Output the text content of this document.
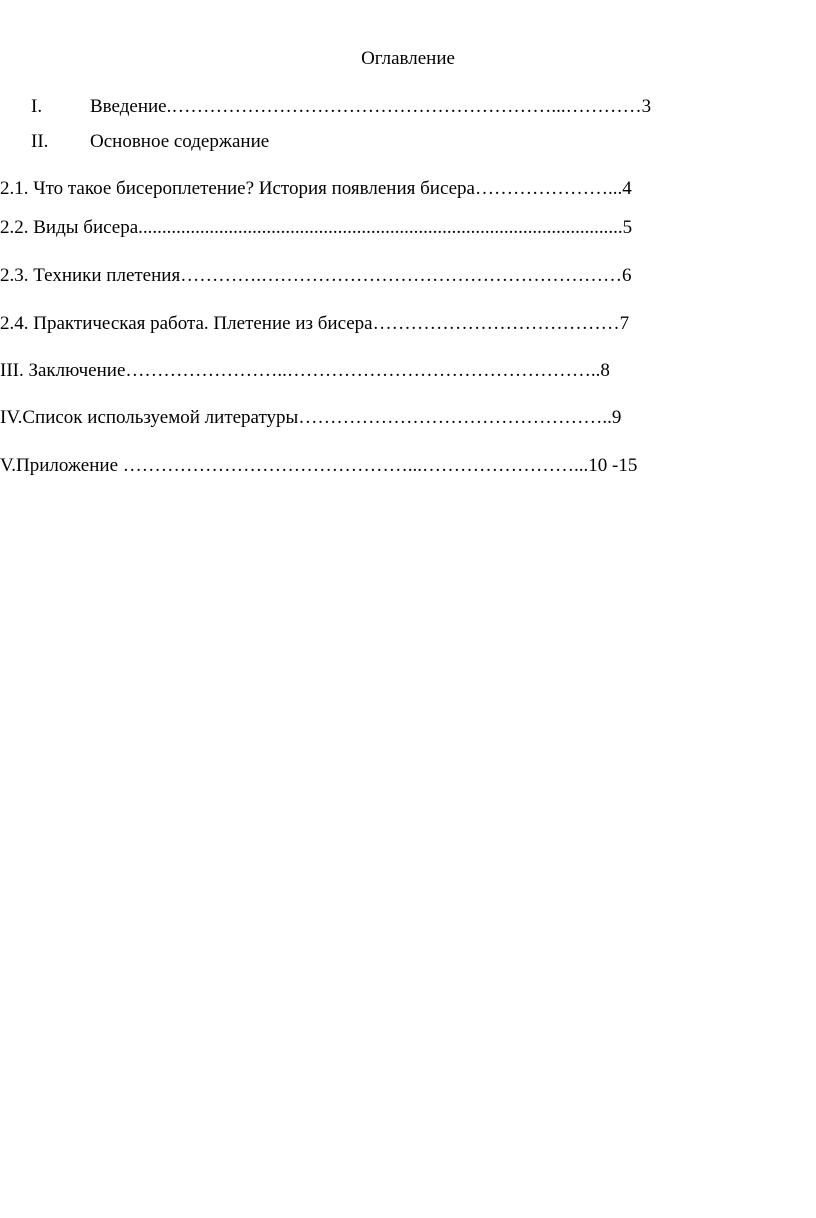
Оглавление
I.	Введение.……………………………………………………...…………3
II. Основное содержание
2.1. Что такое бисероплетение? История появления бисера…………………...4
2.2. Виды бисера......................................................................................................5
2.3. Техники плетения………….…………………………………………………6
2.4. Практическая работа. Плетение из бисера…………………………………7
III. Заключение……………………..…………………………………………..8
IV.Список используемой литературы…………………………………………..9
V.Приложение ………………………………………...……………………...10 -15
